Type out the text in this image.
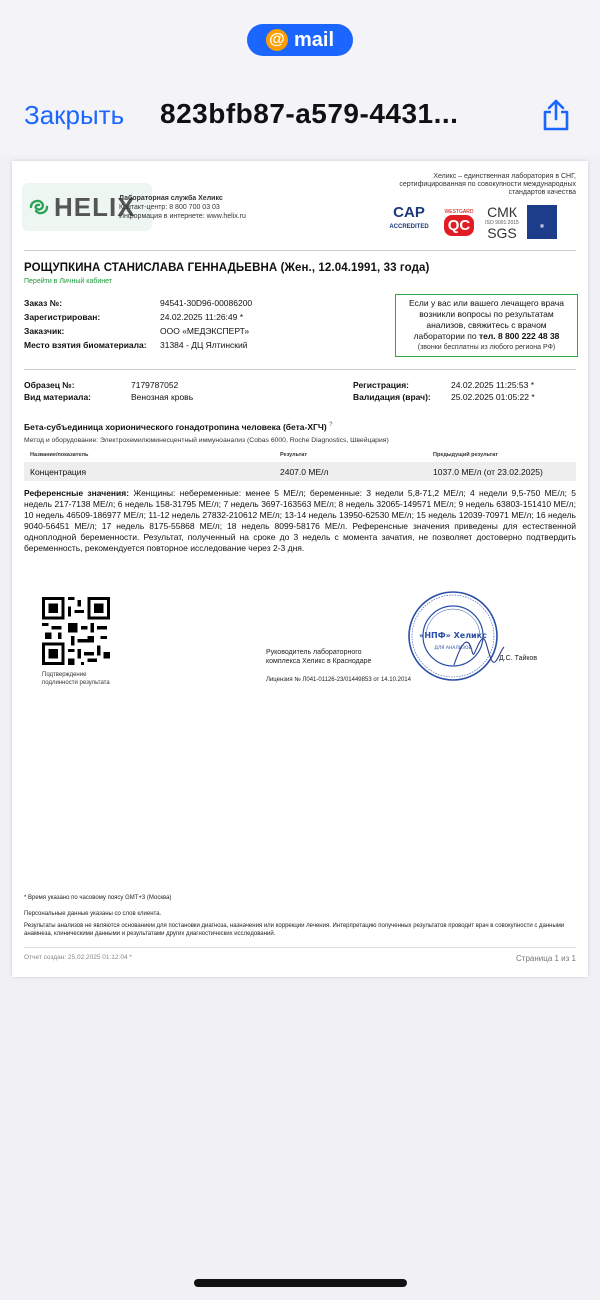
@ mail
Закрыть 823bfb87-a579-4431...
HELIX
Лабораторная служба Хеликс
Контакт-центр: 8 800 700 03 03
Информация в интернете: www.helix.ru
Хеликс – единственная лаборатория в СНГ, сертифицированная по совокупности международных стандартов качества
CAP
ACCREDITED
WESTGARD
QC
СМК
ISO 9001:2015
SGS	▦
РОЩУПКИНА СТАНИСЛАВА ГЕННАДЬЕВНА (Жен., 12.04.1991, 33 года)
Перейти в Личный кабинет
Заказ №:	94541-30D96-00086200
Зарегистрирован:	24.02.2025 11:26:49 *
Заказчик:	ООО «МЕДЭКСПЕРТ»
Место взятия биоматериала: 31384 - ДЦ Ялтинский
Если у вас или вашего лечащего врача
возникли вопросы по результатам
анализов, свяжитесь с врачом
лаборатории по тел. 8 800 222 48 38
(звонки бесплатны из любого региона РФ)
Образец №:	7179787052	Регистрация:	24.02.2025 11:25:53 *
Вид материала:	Венозная кровь	Валидация (врач): 25.02.2025 01:05:22 *
Бета-субъединица хорионического гонадотропина человека (бета-ХГЧ) ?
Метод и оборудование: Электрохемилюминесцентный иммуноанализ (Cobas 6000, Roche Diagnostics, Швейцария)
Название/показатель	Результат	Предыдущий результат
Концентрация	2407.0 МЕ/л	1037.0 МЕ/л (от 23.02.2025)
Референсные значения: Женщины: небеременные: менее 5 МЕ/л; беременные: 3 недели 5,8-71,2 МЕ/л; 4 недели 9,5-750 МЕ/л; 5 недель 217-7138 МЕ/л; 6 недель 158-31795 МЕ/л; 7 недель 3697-163563 МЕ/л; 8 недель 32065-149571 МЕ/л; 9 недель 63803-151410 МЕ/л; 10 недель 46509-186977 МЕ/л; 11-12 недель 27832-210612 МЕ/л; 13-14 недель 13950-62530 МЕ/л; 15 недель 12039-70971 МЕ/л; 16 недель 9040-56451 МЕ/л; 17 недель 8175-55868 МЕ/л; 18 недель 8099-58176 МЕ/л. Референсные значения приведены для естественной одноплодной беременности. Результат, полученный на сроке до 3 недель с момента зачатия, не позволяет достоверно подтвердить беременность, рекомендуется повторное исследование через 2-3 дня.
Подтверждение
подлинности результата
«НПФ» Хеликс
ДЛЯ АНАЛИЗОВ
Руководитель лабораторного
комплекса Хеликс в Краснодаре	Д.С. Тайков
Лицензия № Л041-01126-23/01449853 от 14.10.2014
* Время указано по часовому поясу GMT+3 (Москва)
Персональные данные указаны со слов клиента.
Результаты анализов не являются основанием для постановки диагноза, назначения или коррекции лечения. Интерпретацию полученных результатов проводит врач в совокупности с данными анамнеза, клиническими данными и результатами других диагностических исследований.
Отчет создан: 25.02.2025 01:12:04 *	Страница 1 из 1
